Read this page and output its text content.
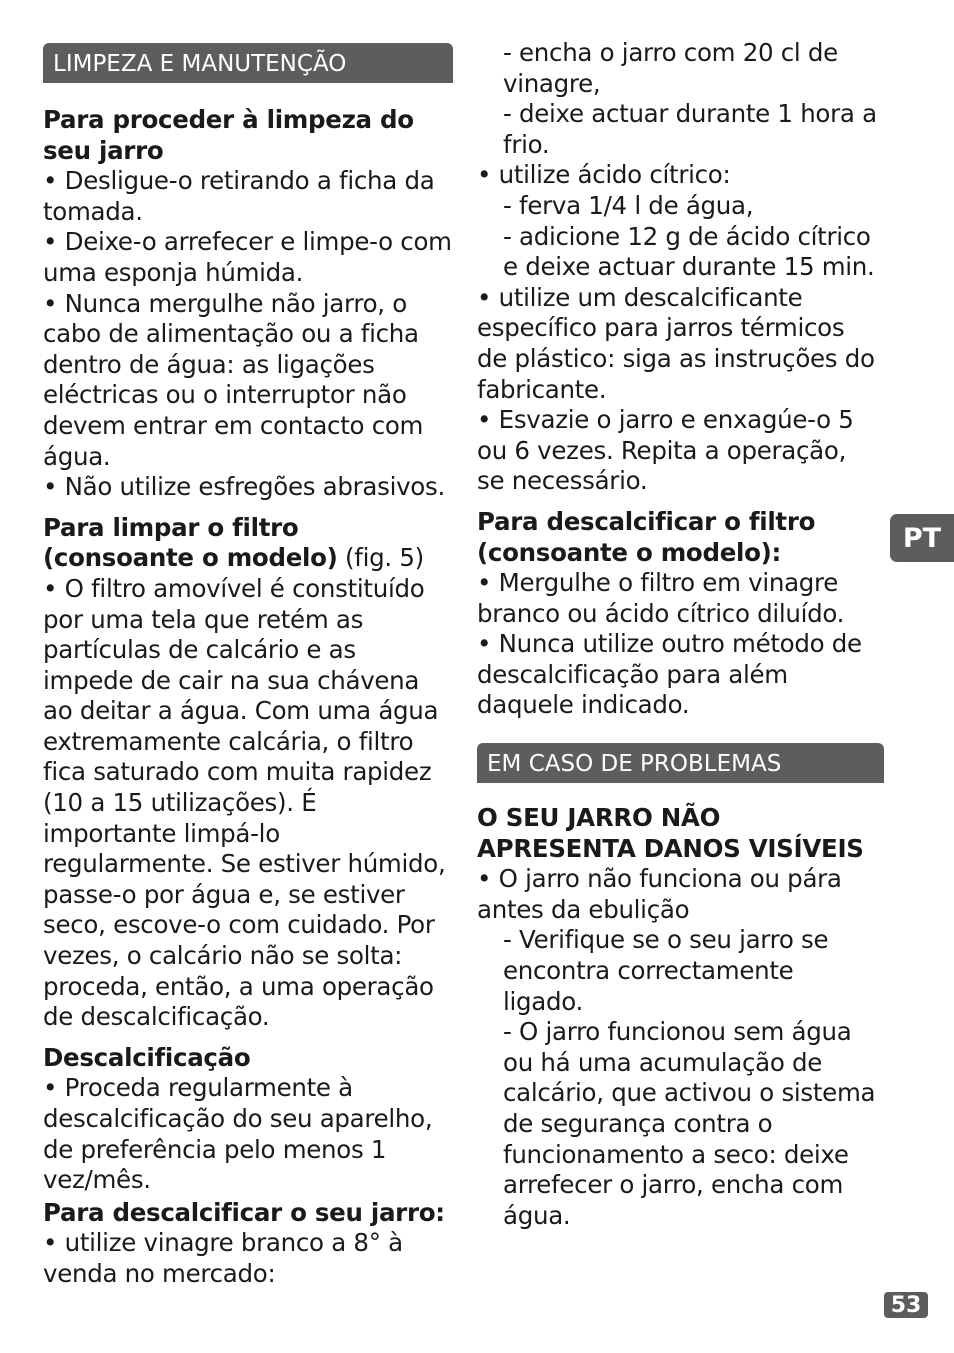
LIMPEZA E MANUTENÇÃO

Para proceder à limpeza do seu jarro

• Desligue-o retirando a ficha da tomada.

• Deixe-o arrefecer e limpe-o com uma esponja húmida.

• Nunca mergulhe não jarro, o cabo de alimentação ou a ficha dentro de água: as ligações eléctricas ou o interruptor não devem entrar em contacto com água.

• Não utilize esfregões abrasivos.

Para limpar o filtro (consoante o modelo) (fig. 5)

• O filtro amovível é constituído por uma tela que retém as partículas de calcário e as impede de cair na sua chávena ao deitar a água. Com uma água extremamente calcária, o filtro fica saturado com muita rapidez (10 a 15 utilizações). É importante limpá-lo regularmente. Se estiver húmido, passe-o por água e, se estiver seco, escove-o com cuidado. Por vezes, o calcário não se solta: proceda, então, a uma operação de descalcificação.

Descalcificação

• Proceda regularmente à descalcificação do seu aparelho, de preferência pelo menos 1 vez/mês.

Para descalcificar o seu jarro:

• utilize vinagre branco a 8° à venda no mercado:

- encha o jarro com 20 cl de vinagre,

- deixe actuar durante 1 hora a frio.

• utilize ácido cítrico:

- ferva 1/4 l de água,

- adicione 12 g de ácido cítrico e deixe actuar durante 15 min.

• utilize um descalcificante específico para jarros térmicos de plástico: siga as instruções do fabricante.

• Esvazie o jarro e enxagúe-o 5 ou 6 vezes. Repita a operação, se necessário.

Para descalcificar o filtro (consoante o modelo):

• Mergulhe o filtro em vinagre branco ou ácido cítrico diluído.

• Nunca utilize outro método de descalcificação para além daquele indicado.

EM CASO DE PROBLEMAS

O SEU JARRO NÃO APRESENTA DANOS VISÍVEIS

• O jarro não funciona ou pára antes da ebulição

- Verifique se o seu jarro se encontra correctamente ligado.

- O jarro funcionou sem água ou há uma acumulação de calcário, que activou o sistema de segurança contra o funcionamento a seco: deixe arrefecer o jarro, encha com água.

PT
53
